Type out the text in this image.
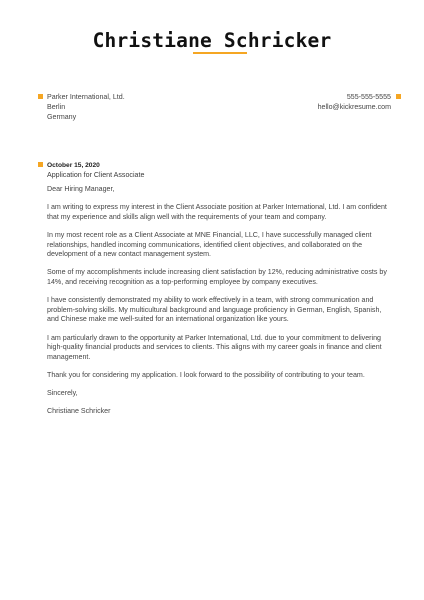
Christiane Schricker
Parker International, Ltd.
Berlin
Germany
555-555-5555
hello@kickresume.com
October 15, 2020
Application for Client Associate

Dear Hiring Manager,

I am writing to express my interest in the Client Associate position at Parker International, Ltd. I am confident that my experience and skills align well with the requirements of your team and company.

In my most recent role as a Client Associate at MNE Financial, LLC, I have successfully managed client relationships, handled incoming communications, identified client objectives, and collaborated on the development of a new contact management system.

Some of my accomplishments include increasing client satisfaction by 12%, reducing administrative costs by 14%, and receiving recognition as a top-performing employee by company executives.

I have consistently demonstrated my ability to work effectively in a team, with strong communication and problem-solving skills. My multicultural background and language proficiency in German, English, Spanish, and Chinese make me well-suited for an international organization like yours.

I am particularly drawn to the opportunity at Parker International, Ltd. due to your commitment to delivering high-quality financial products and services to clients. This aligns with my career goals in finance and client management.

Thank you for considering my application. I look forward to the possibility of contributing to your team.

Sincerely,

Christiane Schricker
